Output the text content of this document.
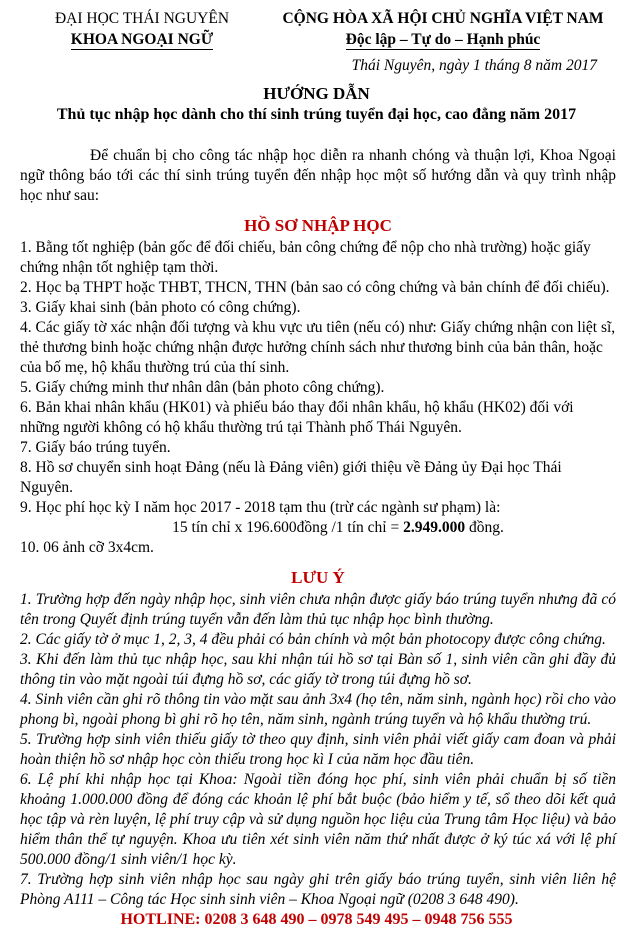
ĐẠI HỌC THÁI NGUYÊN
KHOA NGOẠI NGỮ
CỘNG HÒA XÃ HỘI CHỦ NGHĨA VIỆT NAM
Độc lập – Tự do – Hạnh phúc
Thái Nguyên, ngày 1 tháng 8 năm 2017
HƯỚNG DẪN
Thủ tục nhập học dành cho thí sinh trúng tuyển đại học, cao đẳng năm 2017

Để chuẩn bị cho công tác nhập học diễn ra nhanh chóng và thuận lợi, Khoa Ngoại ngữ thông báo tới các thí sinh trúng tuyển đến nhập học một số hướng dẫn và quy trình nhập học như sau:

HỒ SƠ NHẬP HỌC

1. Bằng tốt nghiệp (bản gốc để đối chiếu, bản công chứng để nộp cho nhà trường) hoặc giấy chứng nhận tốt nghiệp tạm thời.

2. Học bạ THPT hoặc THBT, THCN, THN (bản sao có công chứng và bản chính để đối chiếu).

3. Giấy khai sinh (bản photo có công chứng).

4. Các giấy tờ xác nhận đối tượng và khu vực ưu tiên (nếu có) như: Giấy chứng nhận con liệt sĩ, thẻ thương binh hoặc chứng nhận được hưởng chính sách như thương binh của bản thân, hoặc của bố mẹ, hộ khẩu thường trú của thí sinh.

5. Giấy chứng minh thư nhân dân (bản photo công chứng).

6. Bản khai nhân khẩu (HK01) và phiếu báo thay đổi nhân khẩu, hộ khẩu (HK02) đối với những người không có hộ khẩu thường trú tại Thành phố Thái Nguyên.

7. Giấy báo trúng tuyển.

8. Hồ sơ chuyển sinh hoạt Đảng (nếu là Đảng viên) giới thiệu về Đảng ủy Đại học Thái Nguyên.

9. Học phí học kỳ I năm học 2017 - 2018 tạm thu (trừ các ngành sư phạm) là:

15 tín chỉ x 196.600đồng /1 tín chỉ = 2.949.000 đồng.

10. 06 ảnh cỡ 3x4cm.

LƯU Ý

1. Trường hợp đến ngày nhập học, sinh viên chưa nhận được giấy báo trúng tuyển nhưng đã có tên trong Quyết định trúng tuyển vẫn đến làm thủ tục nhập học bình thường.

2. Các giấy tờ ở mục 1, 2, 3, 4 đều phải có bản chính và một bản photocopy được công chứng.

3. Khi đến làm thủ tục nhập học, sau khi nhận túi hồ sơ tại Bàn số 1, sinh viên cần ghi đầy đủ thông tin vào mặt ngoài túi đựng hồ sơ, các giấy tờ trong túi đựng hồ sơ.

4. Sinh viên cần ghi rõ thông tin vào mặt sau ảnh 3x4 (họ tên, năm sinh, ngành học) rồi cho vào phong bì, ngoài phong bì ghi rõ họ tên, năm sinh, ngành trúng tuyển và hộ khẩu thường trú.

5. Trường hợp sinh viên thiếu giấy tờ theo quy định, sinh viên phải viết giấy cam đoan và phải hoàn thiện hồ sơ nhập học còn thiếu trong học kì I của năm học đầu tiên.

6. Lệ phí khi nhập học tại Khoa: Ngoài tiền đóng học phí, sinh viên phải chuẩn bị số tiền khoảng 1.000.000 đồng để đóng các khoản lệ phí bắt buộc (bảo hiểm y tế, sổ theo dõi kết quả học tập và rèn luyện, lệ phí truy cập và sử dụng nguồn học liệu của Trung tâm Học liệu) và bảo hiểm thân thể tự nguyện. Khoa ưu tiên xét sinh viên năm thứ nhất được ở ký túc xá với lệ phí 500.000 đồng/1 sinh viên/1 học kỳ.

7. Trường hợp sinh viên nhập học sau ngày ghi trên giấy báo trúng tuyển, sinh viên liên hệ Phòng A111 – Công tác Học sinh sinh viên – Khoa Ngoại ngữ (0208 3 648 490).

HOTLINE: 0208 3 648 490 – 0978 549 495 – 0948 756 555
